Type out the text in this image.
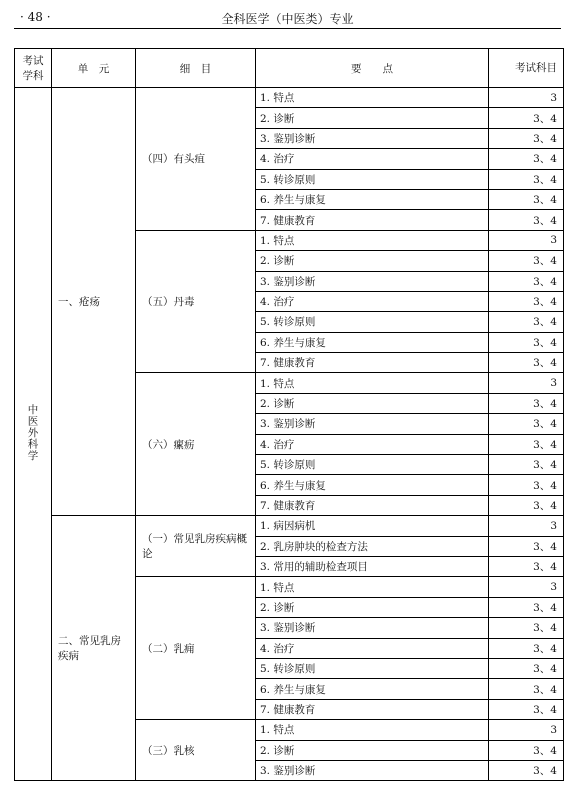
· 48 ·	全科医学（中医类）专业
考试学科	单　元	细　目	要　　点	考试科目
中医外科学	一、疮疡	（四）有头疽	1. 特点	3
			2. 诊断	3、4
			3. 鉴别诊断	3、4
			4. 治疗	3、4
			5. 转诊原则	3、4
			6. 养生与康复	3、4
			7. 健康教育	3、4
		（五）丹毒	1. 特点	3
			2. 诊断	3、4
			3. 鉴别诊断	3、4
			4. 治疗	3、4
			5. 转诊原则	3、4
			6. 养生与康复	3、4
			7. 健康教育	3、4
		（六）瘰疬	1. 特点	3
			2. 诊断	3、4
			3. 鉴别诊断	3、4
			4. 治疗	3、4
			5. 转诊原则	3、4
			6. 养生与康复	3、4
			7. 健康教育	3、4
	二、常见乳房疾病	（一）常见乳房疾病概论	1. 病因病机	3
			2. 乳房肿块的检查方法	3、4
			3. 常用的辅助检查项目	3、4
		（二）乳痈	1. 特点	3
			2. 诊断	3、4
			3. 鉴别诊断	3、4
			4. 治疗	3、4
			5. 转诊原则	3、4
			6. 养生与康复	3、4
			7. 健康教育	3、4
		（三）乳核	1. 特点	3
			2. 诊断	3、4
			3. 鉴别诊断	3、4
